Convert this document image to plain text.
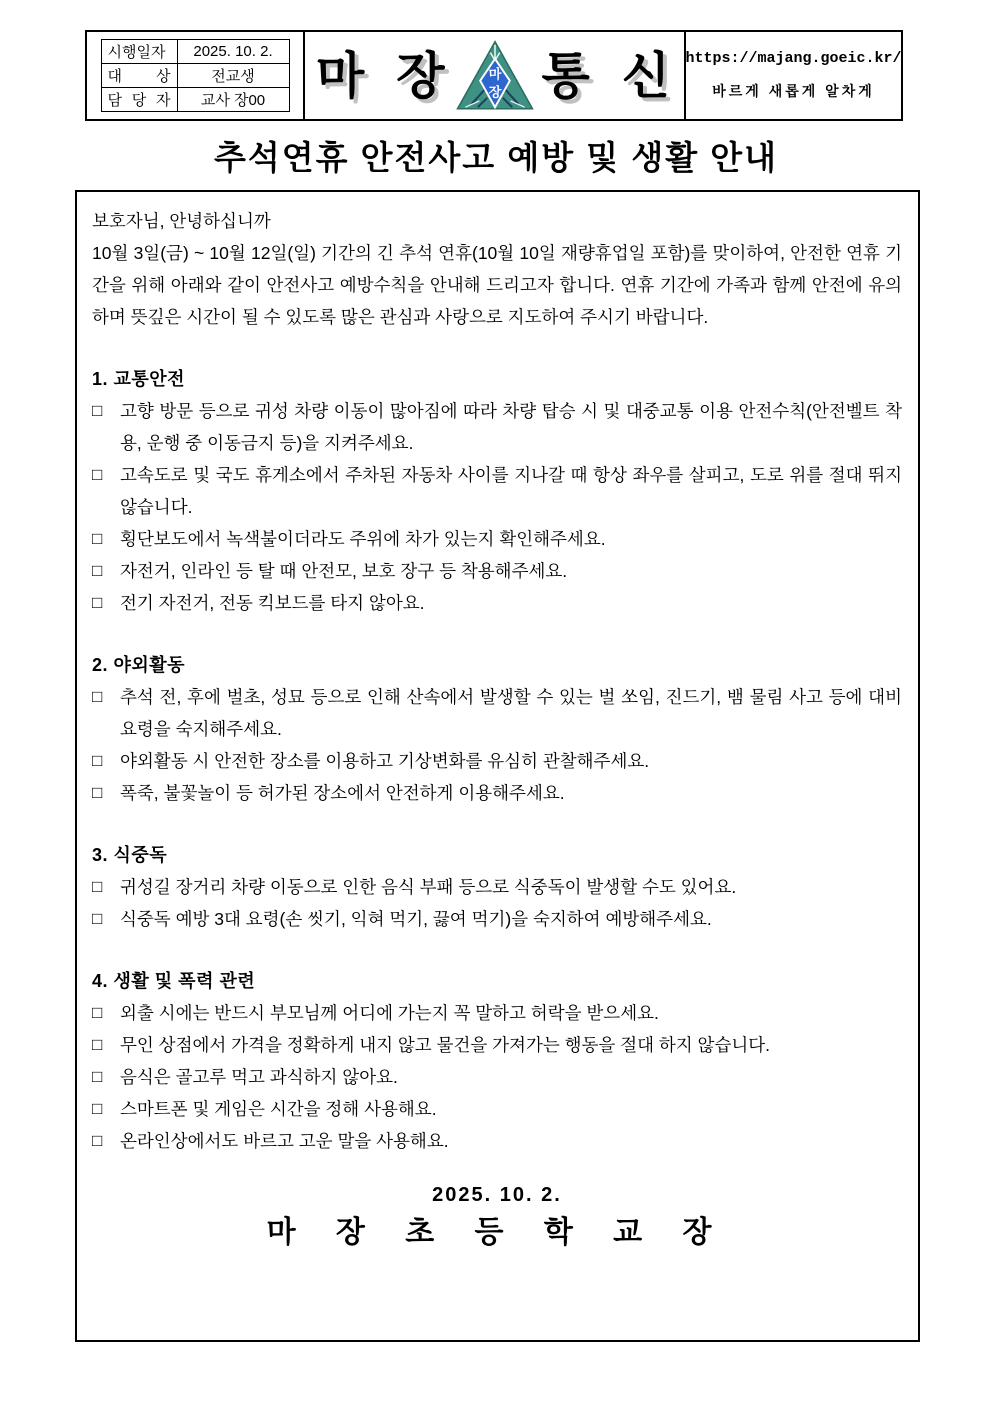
시행일자	2025. 10. 2.
대 상	전교생
담 당 자	교사 장00 마 장 마
장 통 신 https://majang.goeic.kr/
바르게 새롭게 알차게
추석연휴 안전사고 예방 및 생활 안내
보호자님, 안녕하십니까
10월 3일(금) ~ 10월 12일(일) 기간의 긴 추석 연휴(10월 10일 재량휴업일 포함)를 맞이하여, 안전한 연휴 기간을 위해 아래와 같이 안전사고 예방수칙을 안내해 드리고자 합니다. 연휴 기간에 가족과 함께 안전에 유의하며 뜻깊은 시간이 될 수 있도록 많은 관심과 사랑으로 지도하여 주시기 바랍니다.
1. 교통안전
□	고향 방문 등으로 귀성 차량 이동이 많아짐에 따라 차량 탑승 시 및 대중교통 이용 안전수칙(안전벨트 착용, 운행 중 이동금지 등)을 지켜주세요.
□	고속도로 및 국도 휴게소에서 주차된 자동차 사이를 지나갈 때 항상 좌우를 살피고, 도로 위를 절대 뛰지 않습니다.
□	횡단보도에서 녹색불이더라도 주위에 차가 있는지 확인해주세요.
□	자전거, 인라인 등 탈 때 안전모, 보호 장구 등 착용해주세요.
□	전기 자전거, 전동 킥보드를 타지 않아요.
2. 야외활동
□	추석 전, 후에 벌초, 성묘 등으로 인해 산속에서 발생할 수 있는 벌 쏘임, 진드기, 뱀 물림 사고 등에 대비 요령을 숙지해주세요.
□	야외활동 시 안전한 장소를 이용하고 기상변화를 유심히 관찰해주세요.
□	폭죽, 불꽃놀이 등 허가된 장소에서 안전하게 이용해주세요.
3. 식중독
□	귀성길 장거리 차량 이동으로 인한 음식 부패 등으로 식중독이 발생할 수도 있어요.
□	식중독 예방 3대 요령(손 씻기, 익혀 먹기, 끓여 먹기)을 숙지하여 예방해주세요.
4. 생활 및 폭력 관련
□	외출 시에는 반드시 부모님께 어디에 가는지 꼭 말하고 허락을 받으세요.
□	무인 상점에서 가격을 정확하게 내지 않고 물건을 가져가는 행동을 절대 하지 않습니다.
□	음식은 골고루 먹고 과식하지 않아요.
□	스마트폰 및 게임은 시간을 정해 사용해요.
□	온라인상에서도 바르고 고운 말을 사용해요.
2025. 10. 2.
마 장 초 등 학 교 장
